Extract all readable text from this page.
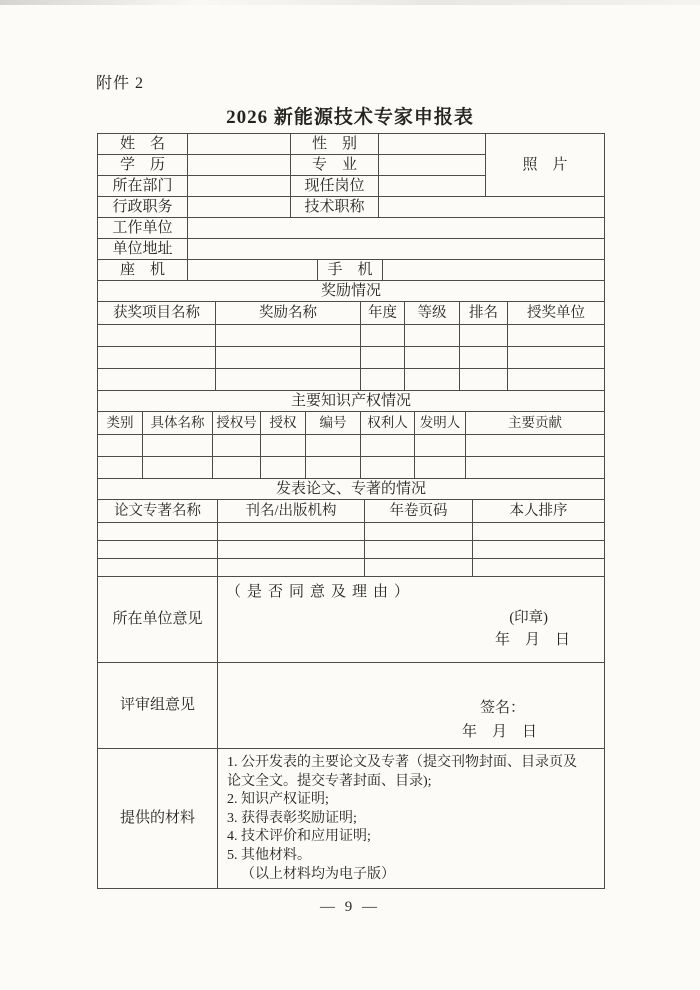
附件 2
2026 新能源技术专家申报表
姓　名		性　别		照　片
学　历		专　业		
所在部门		现任岗位		
行政职务		技术职称		
工作单位				
单位地址				
座　机		手　机	
奖励情况					
获奖项目名称	奖励名称	年度	等级	排名	授奖单位

主要知识产权情况							
类别	具体名称	授权号	授权	编号	权利人	发明人	主要贡献

发表论文、专著的情况			
论文专著名称	刊名/出版机构	年卷页码	本人排序

所在单位意见	（是否同意及理由）
(印章)
年　月　日

评审组意见	签名：
年　月　日

提供的材料	
1. 公开发表的主要论文及专著（提交刊物封面、目录页及论文全文。提交专著封面、目录);
2. 知识产权证明;
3. 获得表彰奖励证明;
4. 技术评价和应用证明;
5. 其他材料。
（以上材料均为电子版）
— 9 —
